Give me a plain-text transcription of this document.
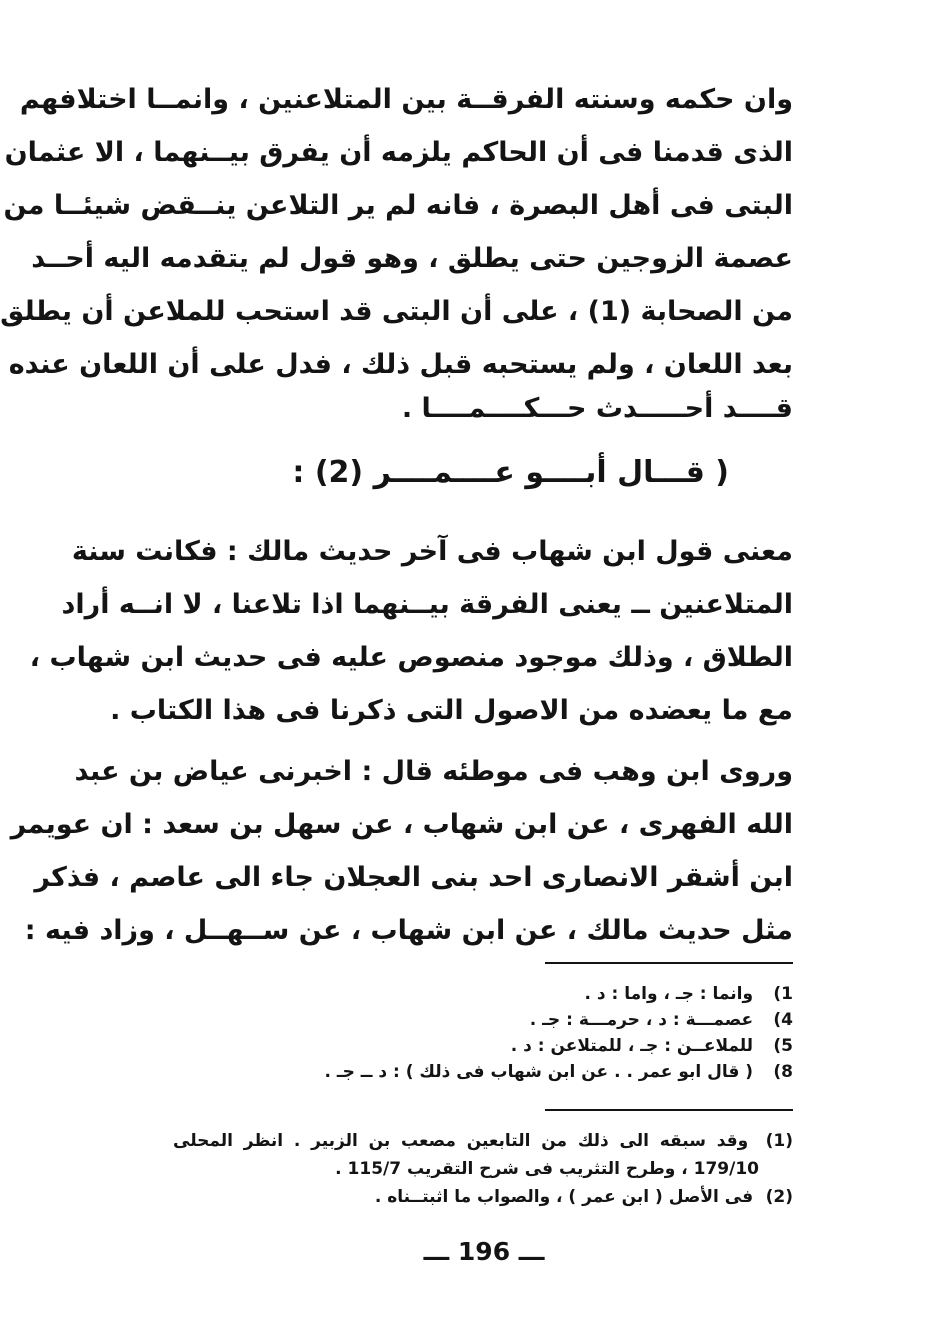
وان حكمه وسنته الفرقــة بين المتلاعنين ، وانمــا اختلافهم
الذى قدمنا فى أن الحاكم يلزمه أن يفرق بيــنهما ، الا عثمان
البتى فى أهل البصرة ، فانه لم ير التلاعن ينــقض شيئــا من
عصمة الزوجين حتى يطلق ، وهو قول لم يتقدمه اليه أحــد
من الصحابة (1) ، على أن البتى قد استحب للملاعن أن يطلق
بعد اللعان ، ولم يستحبه قبل ذلك ، فدل على أن اللعان عنده
قــــد أحـــــدث حـــكــــمــــا .
( قـــال أبــــو عــــمــــر (2) :
معنى قول ابن شهاب فى آخر حديث مالك : فكانت سنة
المتلاعنين ــ يعنى الفرقة بيــنهما اذا تلاعنا ، لا انــه أراد
الطلاق ، وذلك موجود منصوص عليه فى حديث ابن شهاب ،
مع ما يعضده من الاصول التى ذكرنا فى هذا الكتاب .
وروى ابن وهب فى موطئه قال : اخبرنى عياض بن عبد
الله الفهرى ، عن ابن شهاب ، عن سهل بن سعد : ان عويمر
ابن أشقر الانصارى احد بنى العجلان جاء الى عاصم ، فذكر
مثل حديث مالك ، عن ابن شهاب ، عن ســهــل ، وزاد فيه :
1) وانما : جـ ، واما : د .
4) عصمـــة : د ، حرمـــة : جـ .
5) للملاعــن : جـ ، للمتلاعن : د .
8) ( قال ابو عمر . . عن ابن شهاب فى ذلك ) : د ــ جـ .
(1) وقد سبقه الى ذلك من التابعين مصعب بن الزبير . انظر المحلى
179/10 ، وطرح التثريب فى شرح التقريب 115/7 .
(2) فى الأصل ( ابن عمر ) ، والصواب ما اثبتــناه .
ـــ 196 ـــ
